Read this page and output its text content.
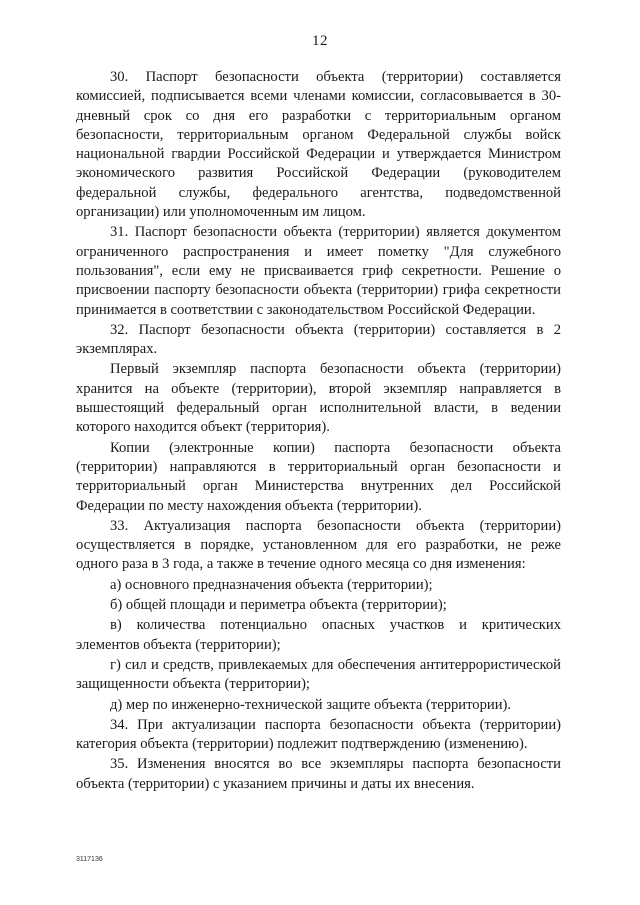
12

30. Паспорт безопасности объекта (территории) составляется комиссией, подписывается всеми членами комиссии, согласовывается в 30-дневный срок со дня его разработки с территориальным органом безопасности, территориальным органом Федеральной службы войск национальной гвардии Российской Федерации и утверждается Министром экономического развития Российской Федерации (руководителем федеральной службы, федерального агентства, подведомственной организации) или уполномоченным им лицом.

31. Паспорт безопасности объекта (территории) является документом ограниченного распространения и имеет пометку "Для служебного пользования", если ему не присваивается гриф секретности. Решение о присвоении паспорту безопасности объекта (территории) грифа секретности принимается в соответствии с законодательством Российской Федерации.

32. Паспорт безопасности объекта (территории) составляется в 2 экземплярах.

Первый экземпляр паспорта безопасности объекта (территории) хранится на объекте (территории), второй экземпляр направляется в вышестоящий федеральный орган исполнительной власти, в ведении которого находится объект (территория).

Копии (электронные копии) паспорта безопасности объекта (территории) направляются в территориальный орган безопасности и территориальный орган Министерства внутренних дел Российской Федерации по месту нахождения объекта (территории).

33. Актуализация паспорта безопасности объекта (территории) осуществляется в порядке, установленном для его разработки, не реже одного раза в 3 года, а также в течение одного месяца со дня изменения:

а) основного предназначения объекта (территории);

б) общей площади и периметра объекта (территории);

в) количества потенциально опасных участков и критических элементов объекта (территории);

г) сил и средств, привлекаемых для обеспечения антитеррористической защищенности объекта (территории);

д) мер по инженерно-технической защите объекта (территории).

34. При актуализации паспорта безопасности объекта (территории) категория объекта (территории) подлежит подтверждению (изменению).

35. Изменения вносятся во все экземпляры паспорта безопасности объекта (территории) с указанием причины и даты их внесения.

3117136
